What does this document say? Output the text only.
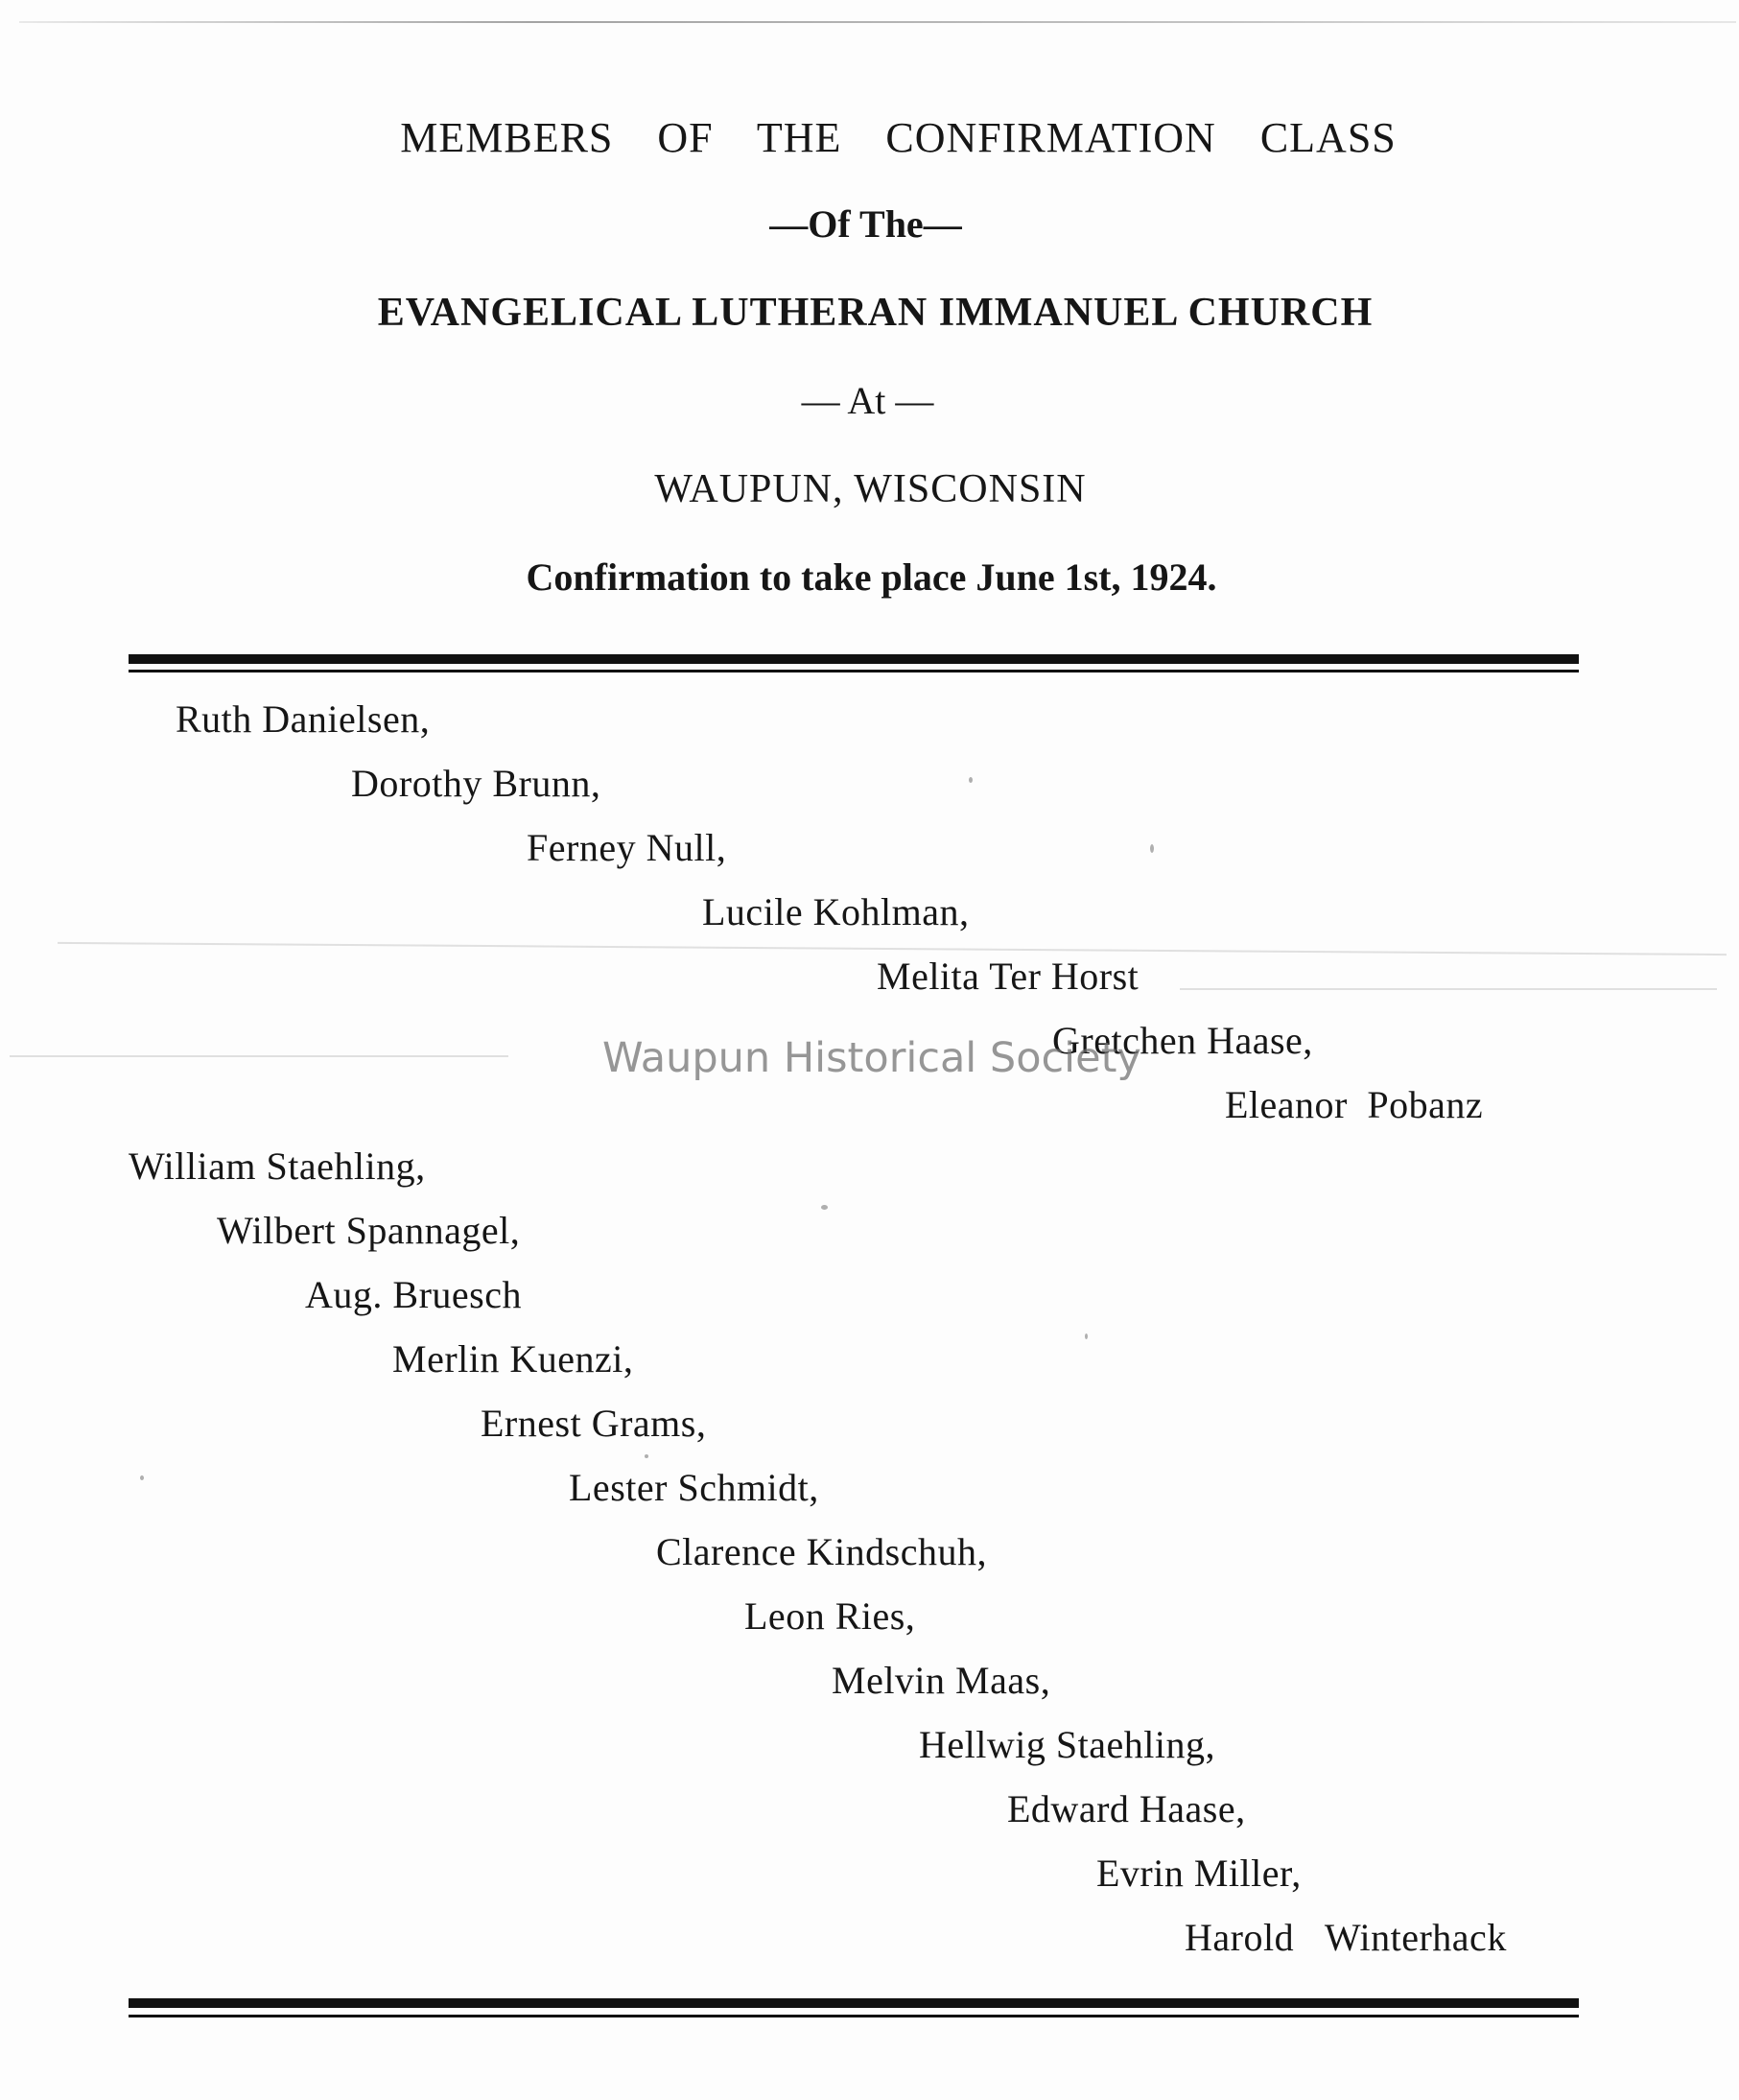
MEMBERS OF THE CONFIRMATION CLASS
—Of The—
EVANGELICAL LUTHERAN IMMANUEL CHURCH
— At —
WAUPUN, WISCONSIN
Confirmation to take place June 1st, 1924.
Ruth Danielsen,
Dorothy Brunn,
Ferney Null,
Lucile Kohlman,
Melita Ter Horst
Gretchen Haase,
Eleanor Pobanz
William Staehling,
Wilbert Spannagel,
Aug. Bruesch
Merlin Kuenzi,
Ernest Grams,
Lester Schmidt,
Clarence Kindschuh,
Leon Ries,
Melvin Maas,
Hellwig Staehling,
Edward Haase,
Evrin Miller,
Harold Winterhack
Waupun Historical Society
